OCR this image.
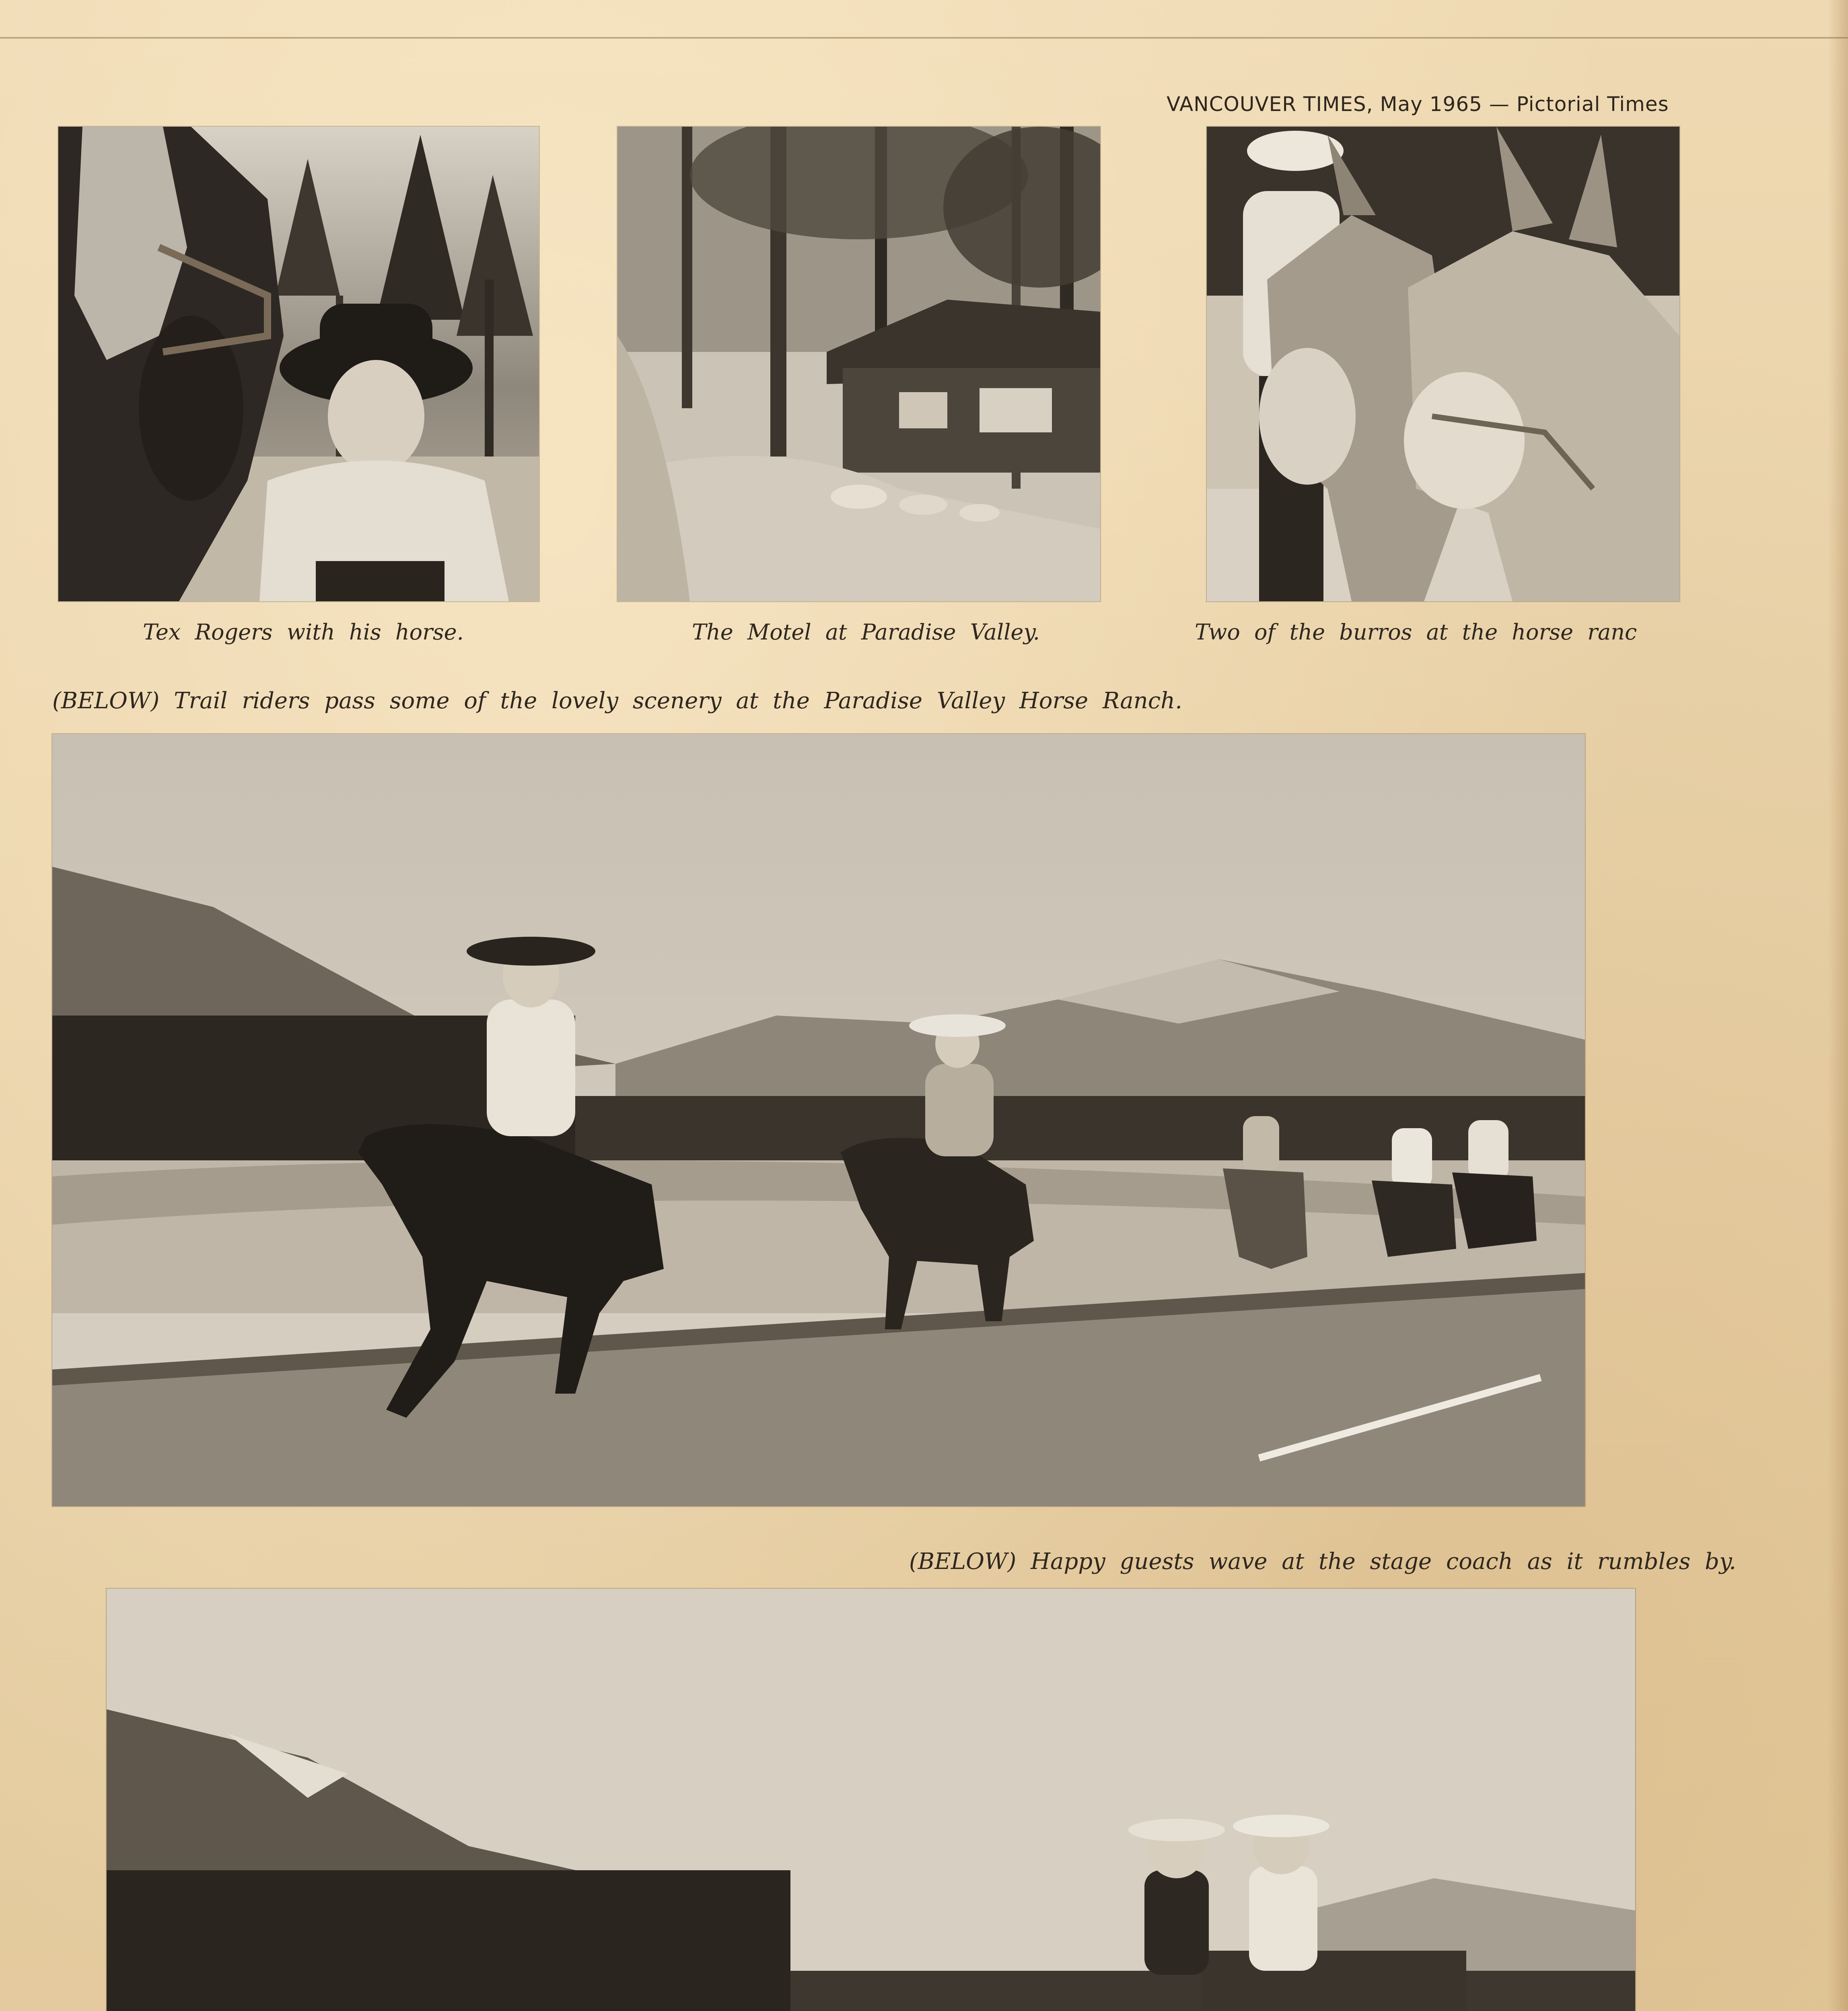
VANCOUVER TIMES, May 1965 — Pictorial Times
Tex Rogers with his horse.	The Motel at Paradise Valley.	Two of the burros at the horse ranc
(BELOW) Trail riders pass some of the lovely scenery at the Paradise Valley Horse Ranch.
(BELOW) Happy guests wave at the stage coach as it rumbles by.
